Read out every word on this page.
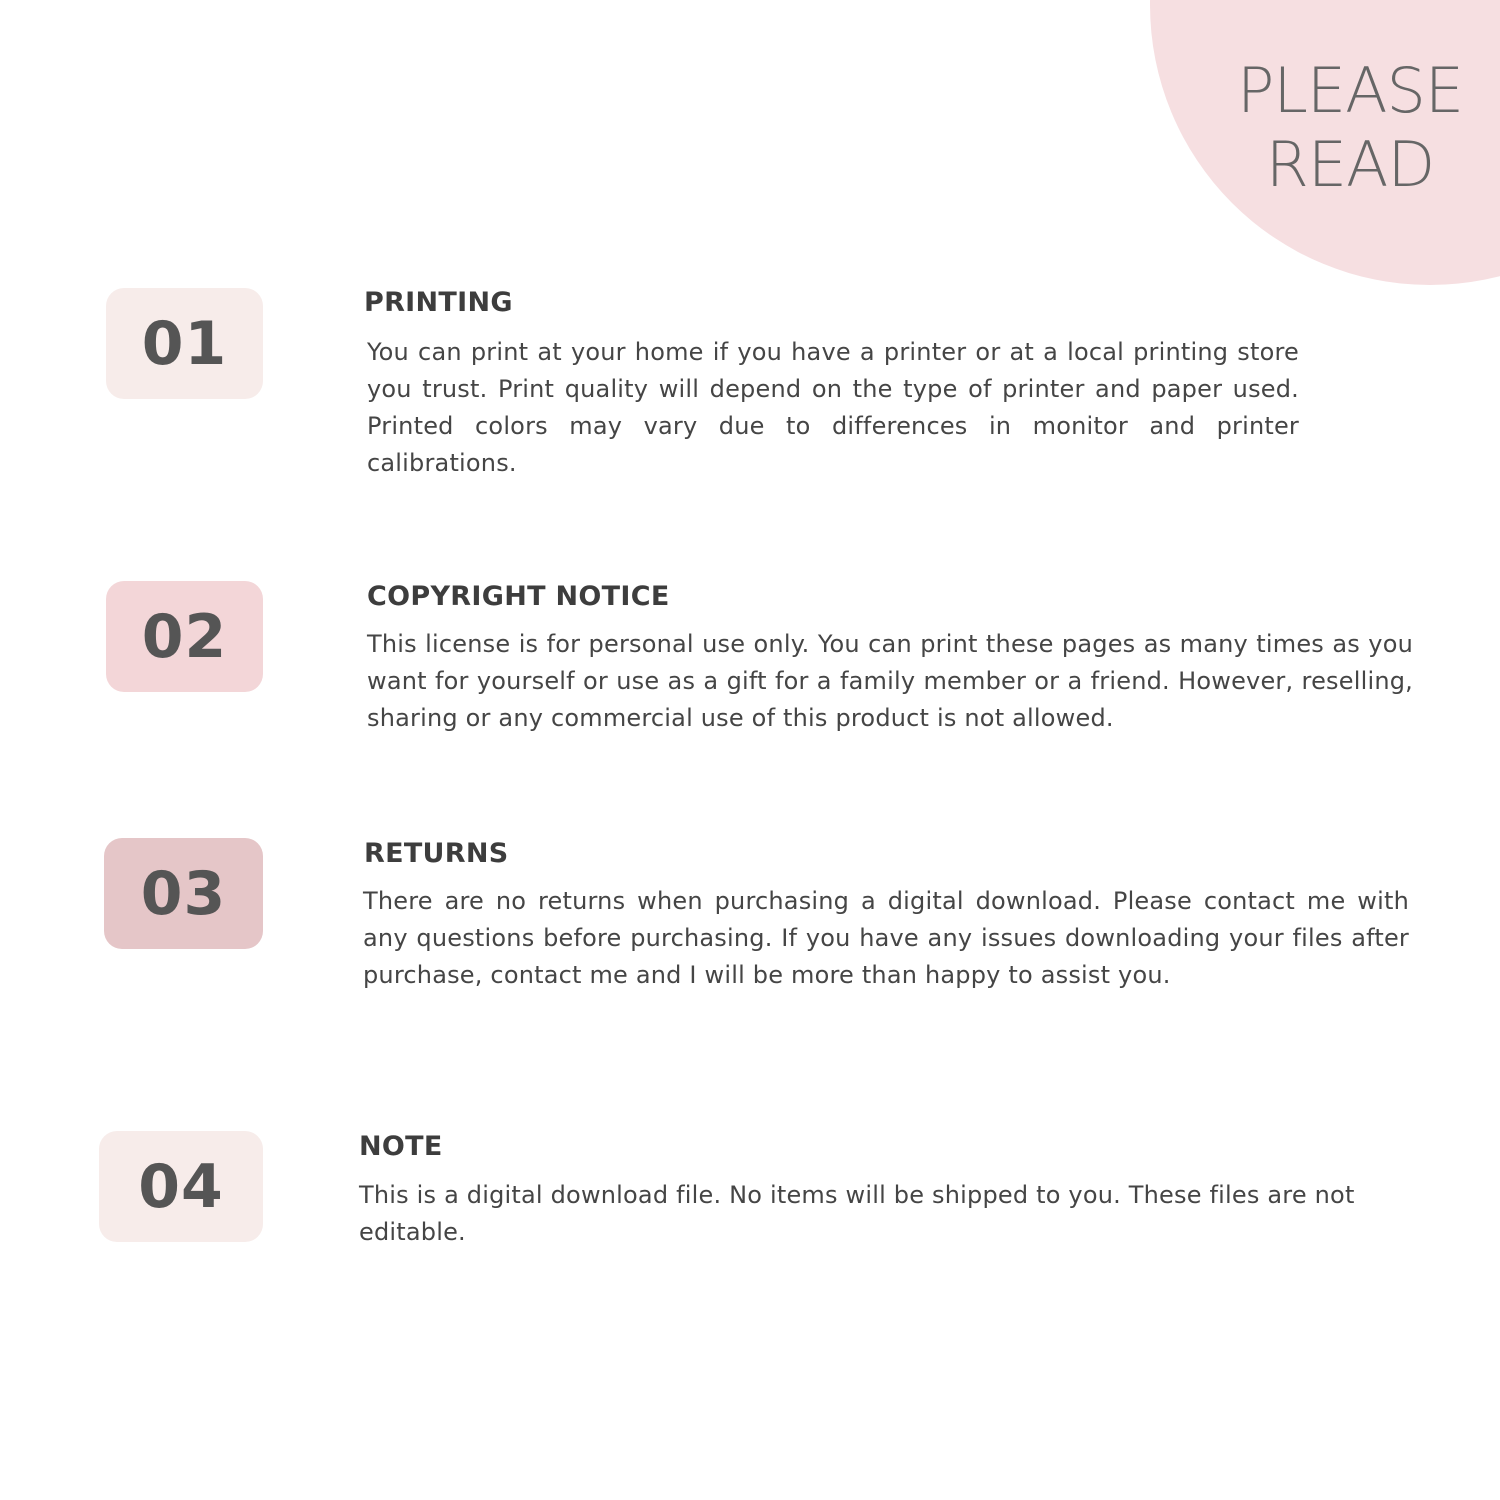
PLEASE
READ
01
PRINTING
You can print at your home if you have a printer or at a local printing store you trust. Print quality will depend on the type of printer and paper used. Printed colors may vary due to differences in monitor and printer calibrations.
02
COPYRIGHT NOTICE
This license is for personal use only. You can print these pages as many times as you want for yourself or use as a gift for a family member or a friend. However, reselling, sharing or any commercial use of this product is not allowed.
03
RETURNS
There are no returns when purchasing a digital download. Please contact me with any questions before purchasing. If you have any issues downloading your files after purchase, contact me and I will be more than happy to assist you.
04
NOTE
This is a digital download file. No items will be shipped to you. These files are not editable.
